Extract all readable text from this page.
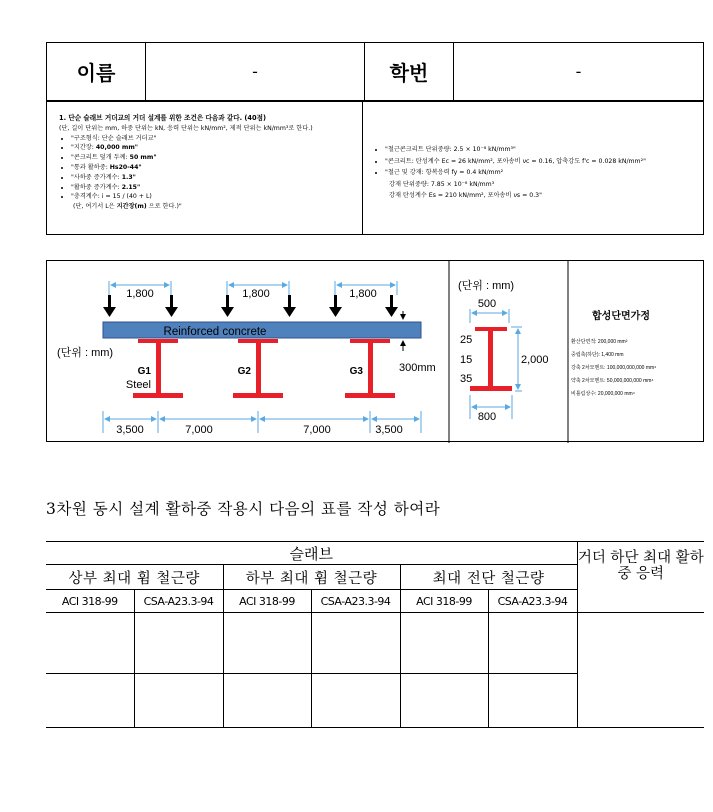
이름	-	학번	-
1. 단순 슬래브 거더교의 거더 설계를 위한 조건은 다음과 같다. (40점)
(단, 길이 단위는 mm, 하중 단위는 kN, 응력 단위는 kN/mm², 제적 단위는 kN/mm³로 한다.)
• "구조형식: 단순 슬래브 거더교"
• "지간장: 40,000 mm"
• "콘크리트 덮개 두께: 50 mm"
• "통과 활하중: Hs20-44"
• "사하중 증가계수: 1.3"
• "활하중 증가계수: 2.15"
• "충격계수: i = 15 / (40 + L)
(단, 여기서 L은 지간장(m) 으로 한다.)"
• "철근콘크리트 단위중량: 2.5 × 10⁻⁸ kN/mm³"
• "콘크리트: 탄성계수 Ec = 26 kN/mm², 포아송비 νc = 0.16, 압축강도 f'c = 0.028 kN/mm²"
• "철근 및 강재: 항복응력 fy = 0.4 kN/mm²
강재 단위중량: 7.85 × 10⁻⁸ kN/mm³
강재 탄성계수 Es = 210 kN/mm², 포아송비 νs = 0.3"
1,800	1,800	1,800
Reinforced concrete
300mm
(단위 : mm)
G1
Steel
G2	G3
3,500	7,000	7,000	3,500
(단위 : mm)
500
25
15
35
2,000
800
합성단면가정
환산단면적: 200,000 mm²
중립축(하단): 1,400 mm
강축 2차모멘트: 100,000,000,000 mm⁴
약축 2차모멘트: 50,000,000,000 mm⁴
비틀림상수: 20,000,000 mm⁴
3차원 동시 설계 활하중 작용시 다음의 표를 작성 하여라
슬래브						거더 하단 최대 활하중 응력
상부 최대 휨 철근량		하부 최대 휨 철근량		최대 전단 철근량		
ACI 318-99	CSA-A23.3-94	ACI 318-99	CSA-A23.3-94	ACI 318-99	CSA-A23.3-94	
